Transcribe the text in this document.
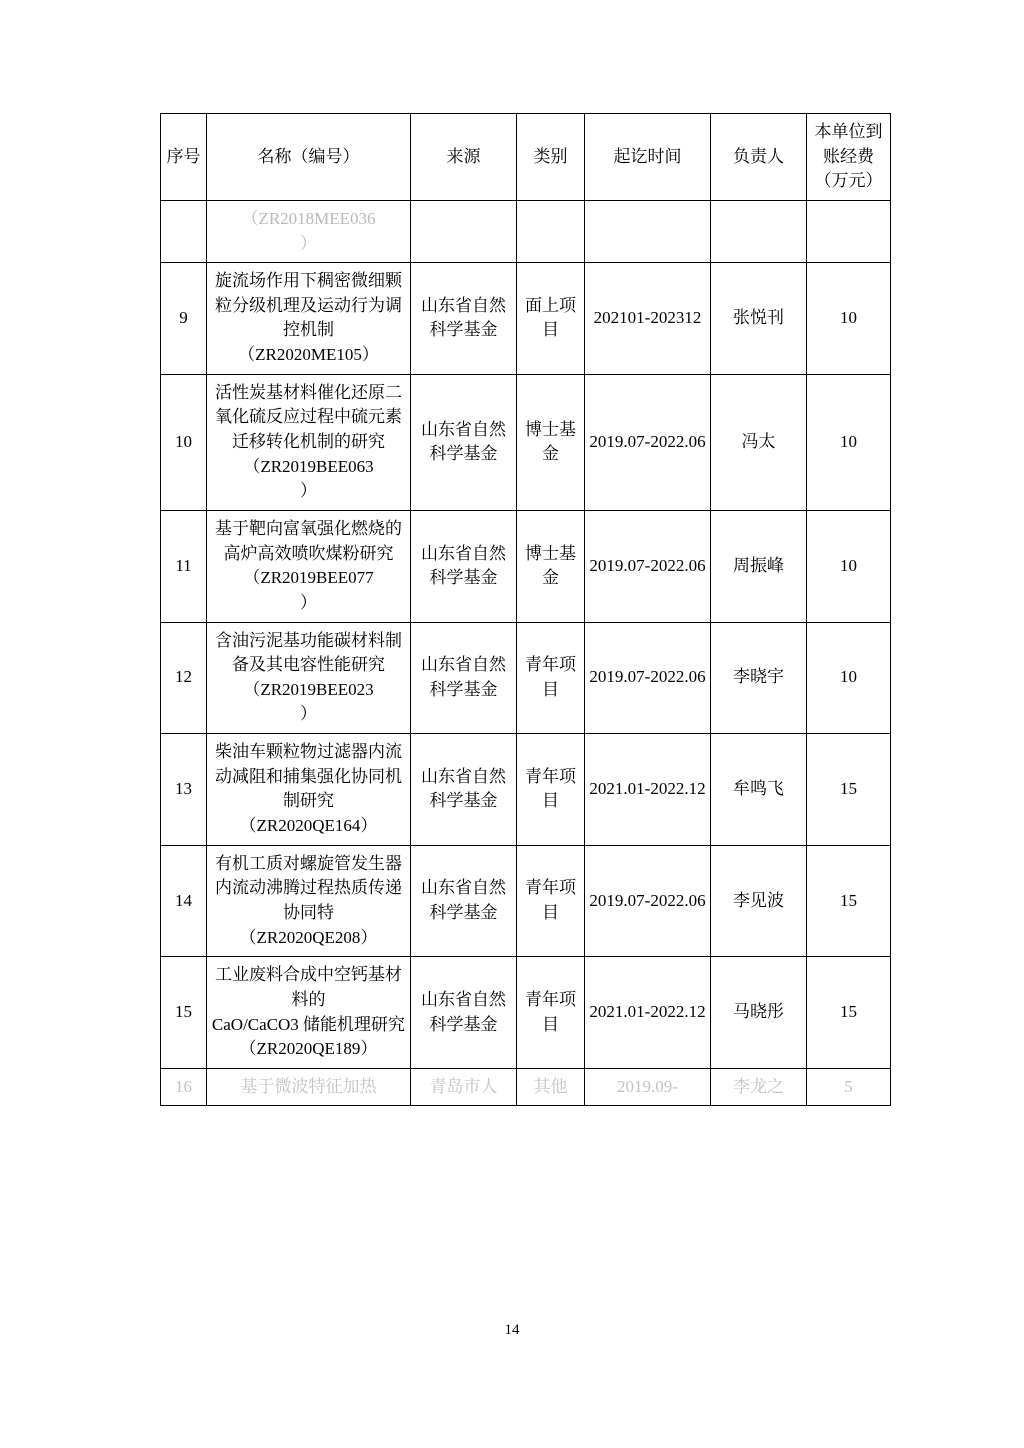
序号	名称（编号）	来源	类别	起讫时间	负责人	本单位到账经费（万元）
	（ZR2018MEE036
）					
9	旋流场作用下稠密微细颗粒分级机理及运动行为调控机制
（ZR2020ME105）	山东省自然科学基金	面上项目	202101-202312	张悦刊	10
10	活性炭基材料催化还原二氧化硫反应过程中硫元素迁移转化机制的研究
（ZR2019BEE063
）	山东省自然科学基金	博士基金	2019.07-2022.06	冯太	10
11	基于靶向富氧强化燃烧的高炉高效喷吹煤粉研究
（ZR2019BEE077
）	山东省自然科学基金	博士基金	2019.07-2022.06	周振峰	10
12	含油污泥基功能碳材料制备及其电容性能研究
（ZR2019BEE023
）	山东省自然科学基金	青年项目	2019.07-2022.06	李晓宇	10
13	柴油车颗粒物过滤器内流动减阻和捕集强化协同机制研究
（ZR2020QE164）	山东省自然科学基金	青年项目	2021.01-2022.12	牟鸣飞	15
14	有机工质对螺旋管发生器内流动沸腾过程热质传递协同特
（ZR2020QE208）	山东省自然科学基金	青年项目	2019.07-2022.06	李见波	15
15	工业废料合成中空钙基材料的
CaO/CaCO3 储能机理研究
（ZR2020QE189）	山东省自然科学基金	青年项目	2021.01-2022.12	马晓彤	15
16	基于微波特征加热	青岛市人	其他	2019.09-	李龙之	5
14
